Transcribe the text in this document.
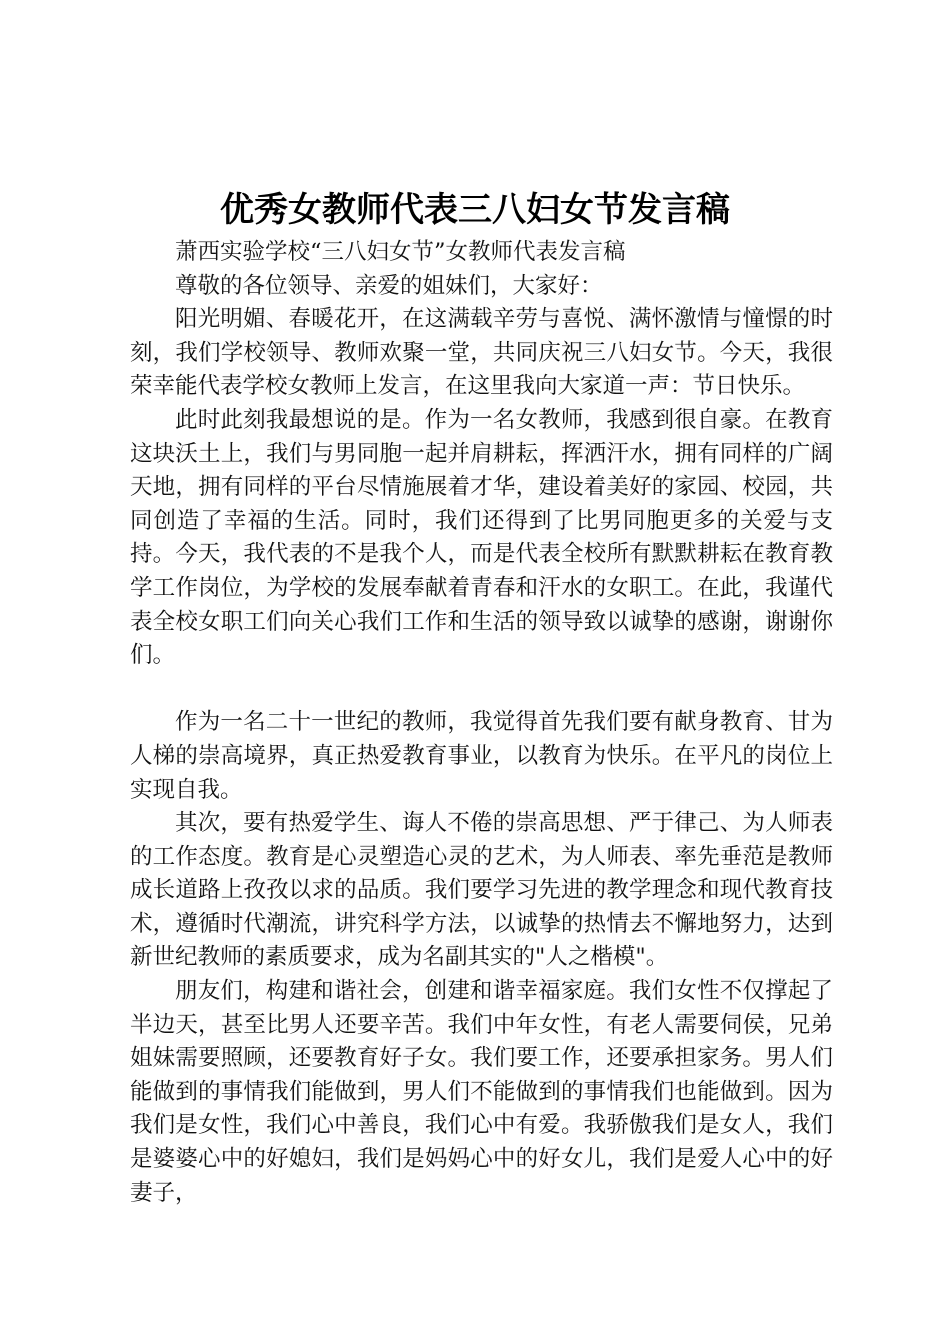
优秀女教师代表三八妇女节发言稿

萧西实验学校“三八妇女节”女教师代表发言稿

尊敬的各位领导、亲爱的姐妹们，大家好：

阳光明媚、春暖花开，在这满载辛劳与喜悦、满怀激情与憧憬的时刻，我们学校领导、教师欢聚一堂，共同庆祝三八妇女节。今天，我很荣幸能代表学校女教师上发言，在这里我向大家道一声：节日快乐。

此时此刻我最想说的是。作为一名女教师，我感到很自豪。在教育这块沃土上，我们与男同胞一起并肩耕耘，挥洒汗水，拥有同样的广阔天地，拥有同样的平台尽情施展着才华，建设着美好的家园、校园，共同创造了幸福的生活。同时，我们还得到了比男同胞更多的关爱与支持。今天，我代表的不是我个人，而是代表全校所有默默耕耘在教育教学工作岗位，为学校的发展奉献着青春和汗水的女职工。在此，我谨代表全校女职工们向关心我们工作和生活的领导致以诚挚的感谢，谢谢你们。

作为一名二十一世纪的教师，我觉得首先我们要有献身教育、甘为人梯的崇高境界，真正热爱教育事业，以教育为快乐。在平凡的岗位上实现自我。

其次，要有热爱学生、诲人不倦的崇高思想、严于律己、为人师表的工作态度。教育是心灵塑造心灵的艺术，为人师表、率先垂范是教师成长道路上孜孜以求的品质。我们要学习先进的教学理念和现代教育技术，遵循时代潮流，讲究科学方法，以诚挚的热情去不懈地努力，达到新世纪教师的素质要求，成为名副其实的"人之楷模"。

朋友们，构建和谐社会，创建和谐幸福家庭。我们女性不仅撑起了半边天，甚至比男人还要辛苦。我们中年女性，有老人需要伺侯，兄弟姐妹需要照顾，还要教育好子女。我们要工作，还要承担家务。男人们能做到的事情我们能做到，男人们不能做到的事情我们也能做到。因为我们是女性，我们心中善良，我们心中有爱。我骄傲我们是女人，我们是婆婆心中的好媳妇，我们是妈妈心中的好女儿，我们是爱人心中的好妻子，
